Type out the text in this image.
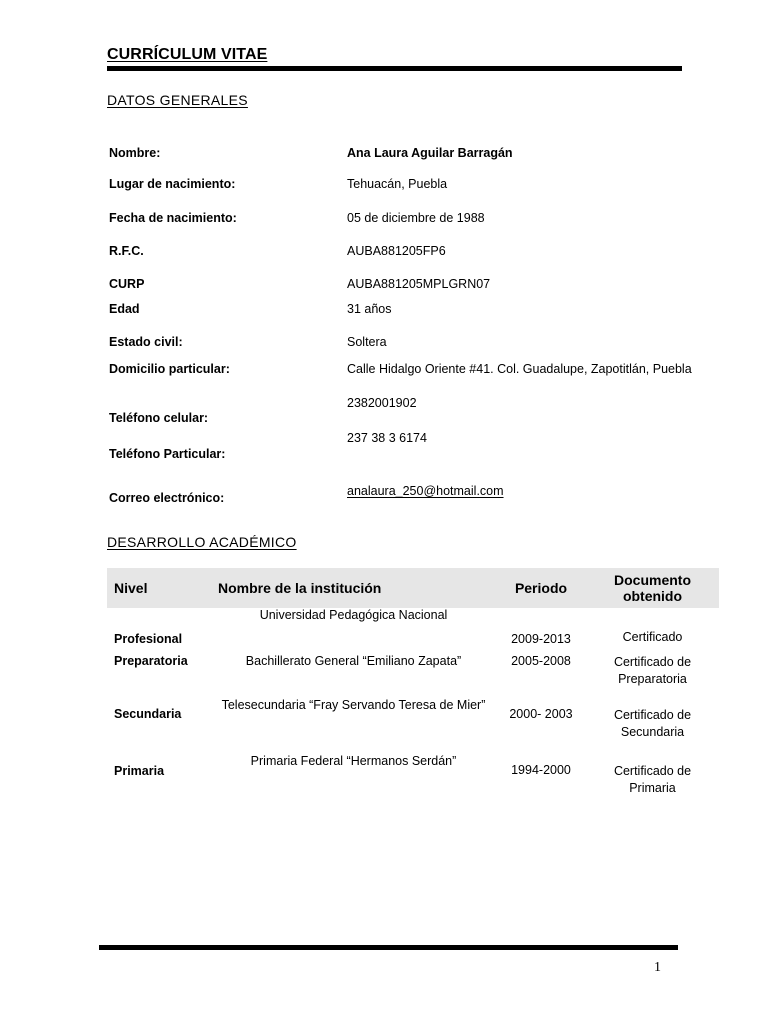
CURRÍCULUM VITAE
DATOS GENERALES
Nombre:	Ana Laura Aguilar Barragán
Lugar de nacimiento:	Tehuacán, Puebla
Fecha de nacimiento:	05 de diciembre de 1988
R.F.C.	AUBA881205FP6
CURP	AUBA881205MPLGRN07
Edad	31 años
Estado civil:	Soltera
Domicilio particular:	Calle Hidalgo Oriente #41. Col. Guadalupe, Zapotitlán, Puebla
Teléfono celular:
2382001902
Teléfono Particular:
237 38 3 6174
Correo electrónico:	analaura_250@hotmail.com
DESARROLLO ACADÉMICO
Nivel	Nombre de la institución	Periodo	Documento obtenido
Profesional	Universidad Pedagógica Nacional	2009-2013	Certificado
Preparatoria	Bachillerato General “Emiliano Zapata”	2005-2008	Certificado de Preparatoria
Secundaria	Telesecundaria “Fray Servando Teresa de Mier”	2000- 2003	Certificado de Secundaria
Primaria	Primaria Federal “Hermanos Serdán”	1994-2000	Certificado de Primaria
1
